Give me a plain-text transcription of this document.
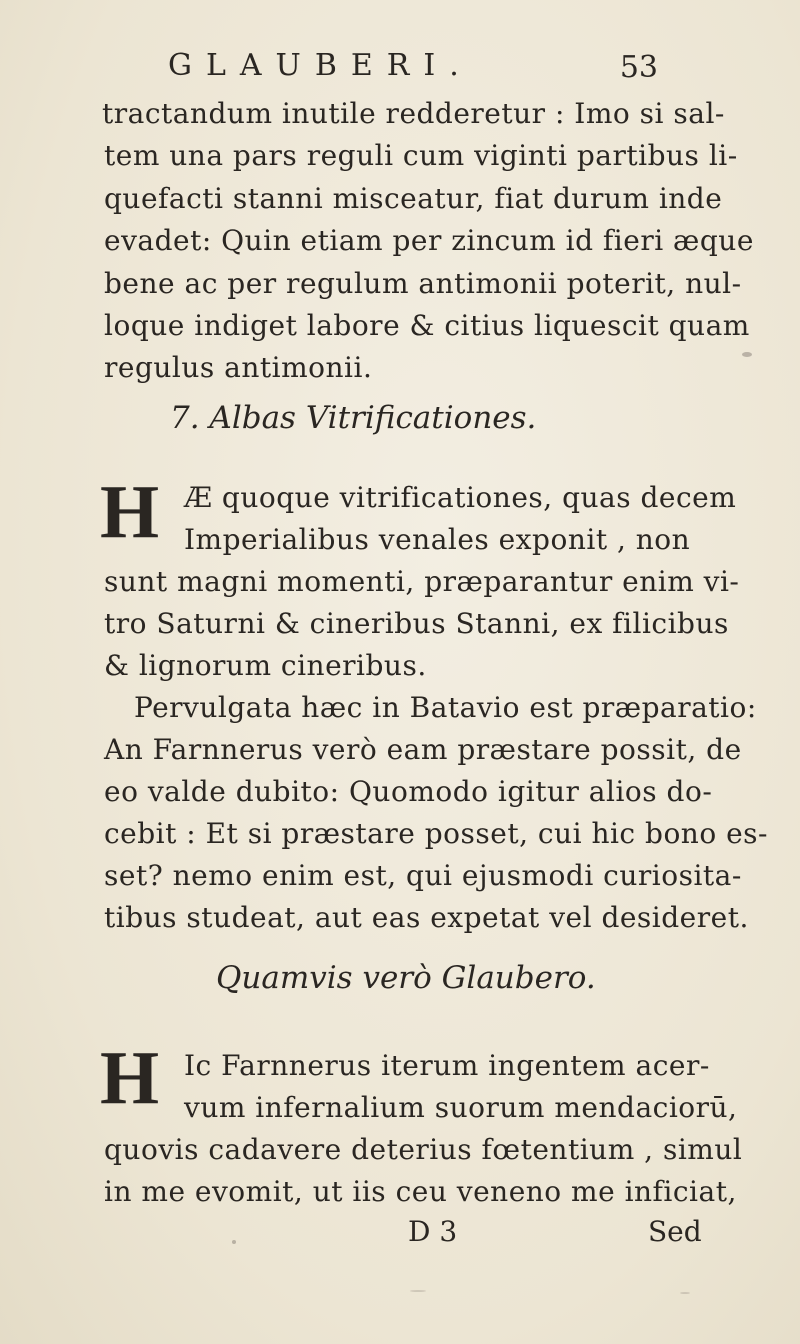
GLAUBERI.	53
tractandum inutile redderetur : Imo si sal-
tem una pars reguli cum viginti partibus li-
quefacti stanni misceatur, fiat durum inde
evadet: Quin etiam per zincum id fieri æque
bene ac per regulum antimonii poterit, nul-
loque indiget labore & citius liquescit quam
regulus antimonii.
7. Albas Vitrificationes.
H Æ quoque vitrificationes, quas decem
Imperialibus venales exponit , non
sunt magni momenti, præparantur enim vi-
tro Saturni & cineribus Stanni, ex filicibus
& lignorum cineribus.
Pervulgata hæc in Batavio est præparatio:
An Farnnerus verò eam præstare possit, de
eo valde dubito: Quomodo igitur alios do-
cebit : Et si præstare posset, cui hic bono es-
set? nemo enim est, qui ejusmodi curiosita-
tibus studeat, aut eas expetat vel desideret.
Quamvis verò Glaubero.
H Ic Farnnerus iterum ingentem acer-
vum infernalium suorum mendaciorū,
quovis cadavere deterius fœtentium , simul
in me evomit, ut iis ceu veneno me inficiat,
D 3	Sed
